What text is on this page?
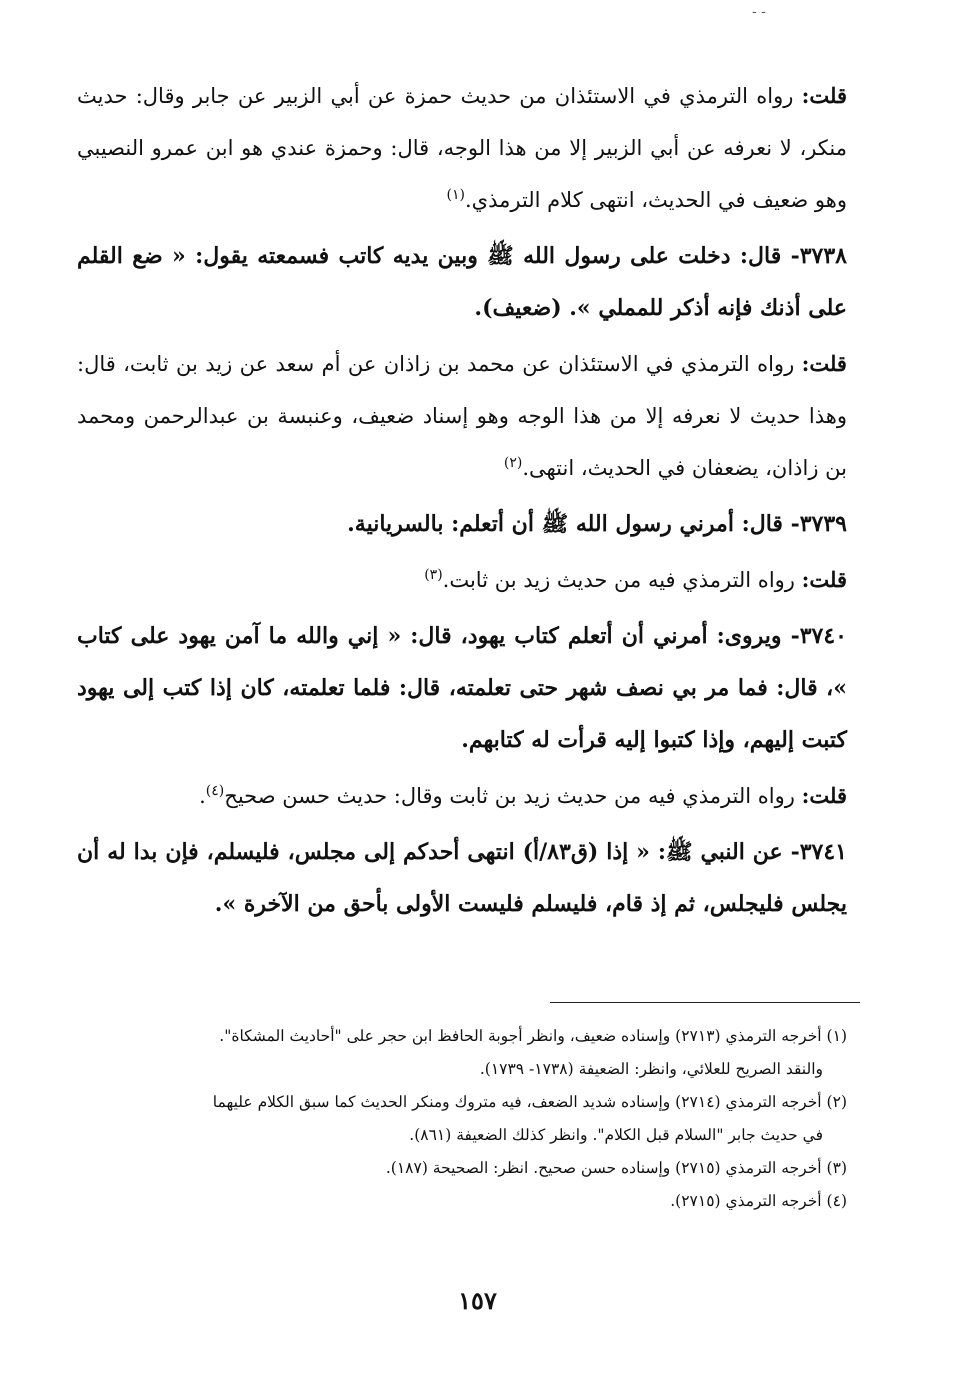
- -

قلت: رواه الترمذي في الاستئذان من حديث حمزة عن أبي الزبير عن جابر وقال: حديث منكر، لا نعرفه عن أبي الزبير إلا من هذا الوجه، قال: وحمزة عندي هو ابن عمرو النصيبي وهو ضعيف في الحديث، انتهى كلام الترمذي.$^{(١)}$

٣٧٣٨- قال: دخلت على رسول الله ﷺ وبين يديه كاتب فسمعته يقول: « ضع القلم على أذنك فإنه أذكر للمملي ». (ضعيف).

قلت: رواه الترمذي في الاستئذان عن محمد بن زاذان عن أم سعد عن زيد بن ثابت، قال: وهذا حديث لا نعرفه إلا من هذا الوجه وهو إسناد ضعيف، وعنبسة بن عبدالرحمن ومحمد بن زاذان، يضعفان في الحديث، انتهى.$^{(٢)}$

٣٧٣٩- قال: أمرني رسول الله ﷺ أن أتعلم: بالسريانية.

قلت: رواه الترمذي فيه من حديث زيد بن ثابت.$^{(٣)}$

٣٧٤٠- ويروى: أمرني أن أتعلم كتاب يهود، قال: « إني والله ما آمن يهود على كتاب »، قال: فما مر بي نصف شهر حتى تعلمته، قال: فلما تعلمته، كان إذا كتب إلى يهود كتبت إليهم، وإذا كتبوا إليه قرأت له كتابهم.

قلت: رواه الترمذي فيه من حديث زيد بن ثابت وقال: حديث حسن صحيح$^{(٤)}$.

٣٧٤١- عن النبي ﷺ: « إذا (ق٨٣/أ) انتهى أحدكم إلى مجلس، فليسلم، فإن بدا له أن يجلس فليجلس، ثم إذ قام، فليسلم فليست الأولى بأحق من الآخرة ».

(١) أخرجه الترمذي (٢٧١٣) وإسناده ضعيف، وانظر أجوبة الحافظ ابن حجر على "أحاديث المشكاة".

والنقد الصريح للعلائي، وانظر: الضعيفة (١٧٣٨- ١٧٣٩).

(٢) أخرجه الترمذي (٢٧١٤) وإسناده شديد الضعف، فيه متروك ومنكر الحديث كما سبق الكلام عليهما

في حديث جابر "السلام قبل الكلام". وانظر كذلك الضعيفة (٨٦١).

(٣) أخرجه الترمذي (٢٧١٥) وإسناده حسن صحيح. انظر: الصحيحة (١٨٧).

(٤) أخرجه الترمذي (٢٧١٥).

١٥٧
